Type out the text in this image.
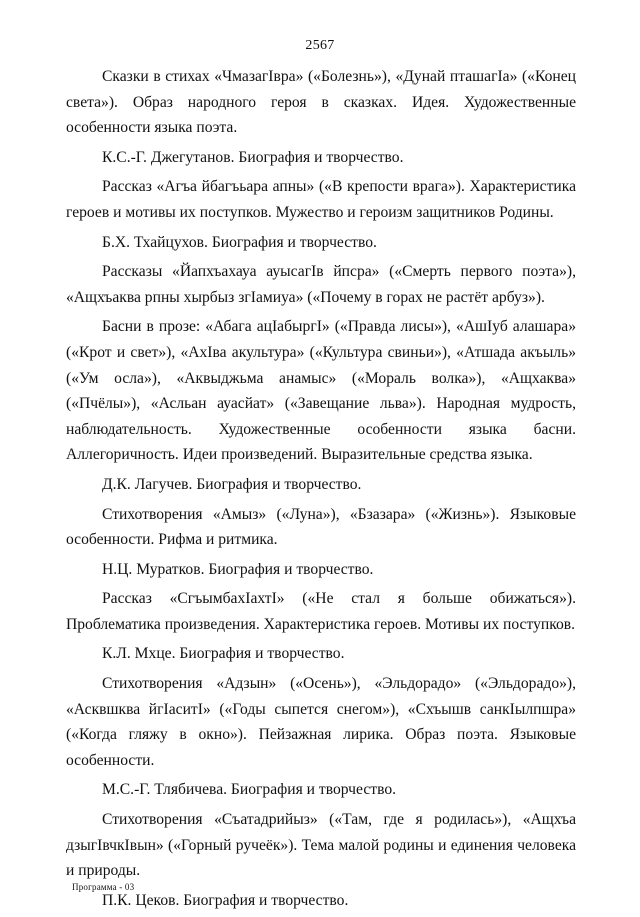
2567

Сказки в стихах «ЧмазагIвра» («Болезнь»), «Дунай пташагIа» («Конец света»). Образ народного героя в сказках. Идея. Художественные особенности языка поэта.

К.С.-Г. Джегутанов. Биография и творчество.

Рассказ «Агъа йбагъьара апны» («В крепости врага»). Характеристика героев и мотивы их поступков. Мужество и героизм защитников Родины.

Б.Х. Тхайцухов. Биография и творчество.

Рассказы «Йапхъахауа ауысагIв йпсра» («Смерть первого поэта»), «Ащхъаква рпны хырбыз згIамиуа» («Почему в горах не растёт арбуз»).

Басни в прозе: «Абага ацIабыргI» («Правда лисы»), «АшIуб алашара» («Крот и свет»), «АхIва акультура» («Культура свиньи»), «Атшада акъыль» («Ум осла»), «Аквыджьма анамыс» («Мораль волка»), «Ащхаква» («Пчёлы»), «Асльан ауасйат» («Завещание льва»). Народная мудрость, наблюдательность. Художественные особенности языка басни. Аллегоричность. Идеи произведений. Выразительные средства языка.

Д.К. Лагучев. Биография и творчество.

Стихотворения «Амыз» («Луна»), «Бзазара» («Жизнь»). Языковые особенности. Рифма и ритмика.

Н.Ц. Муратков. Биография и творчество.

Рассказ «СгъымбахIахтI» («Не стал я больше обижаться»). Проблематика произведения. Характеристика героев. Мотивы их поступков.

К.Л. Мхце. Биография и творчество.

Стихотворения «Адзын» («Осень»), «Эльдорадо» («Эльдорадо»), «Асквшква йгIаситI» («Годы сыпется снегом»), «Схъышв санкIылпшра» («Когда гляжу в окно»). Пейзажная лирика. Образ поэта. Языковые особенности.

М.С.-Г. Тлябичева. Биография и творчество.

Стихотворения «Съатадрийыз» («Там, где я родилась»), «Ащхъа дзыгIвчкIвын» («Горный ручеёк»). Тема малой родины и единения человека и природы.

П.К. Цеков. Биография и творчество.

Программа - 03
